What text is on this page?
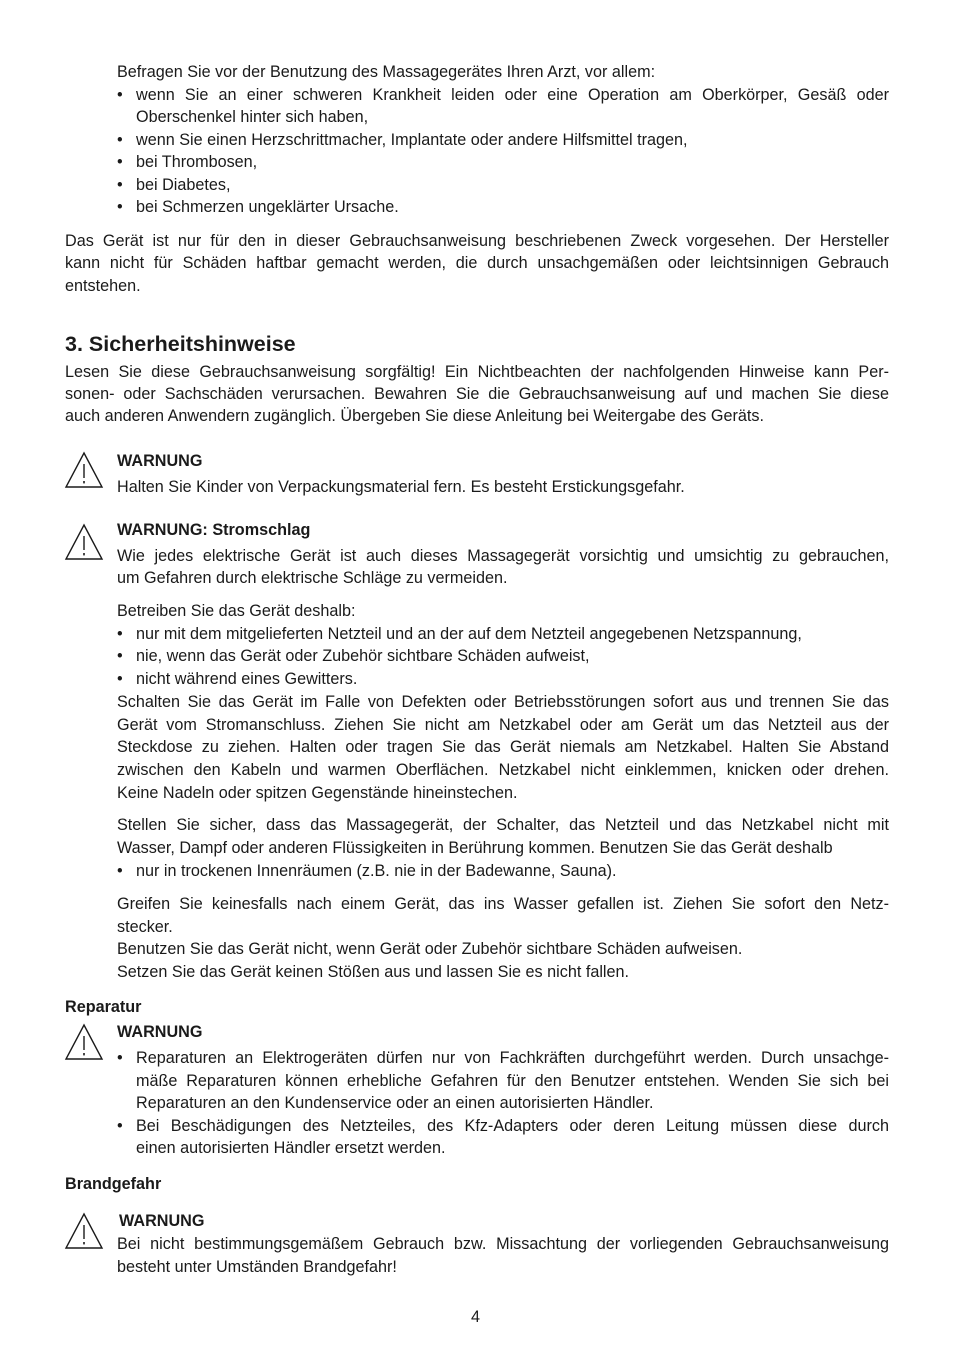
Befragen Sie vor der Benutzung des Massagegerätes Ihren Arzt, vor allem:
• wenn Sie an einer schweren Krankheit leiden oder eine Operation am Oberkörper, Gesäß oder
Oberschenkel hinter sich haben,
• wenn Sie einen Herzschrittmacher, Implantate oder andere Hilfsmittel tragen,
• bei Thrombosen,
• bei Diabetes,
• bei Schmerzen ungeklärter Ursache.
Das Gerät ist nur für den in dieser Gebrauchsanweisung beschriebenen Zweck vorgesehen. Der Hersteller
kann nicht für Schäden haftbar gemacht werden, die durch unsachgemäßen oder leichtsinnigen Gebrauch
entstehen.
3. Sicherheitshinweise
Lesen Sie diese Gebrauchsanweisung sorgfältig! Ein Nichtbeachten der nachfolgenden Hinweise kann Per-
sonen- oder Sachschäden verursachen. Bewahren Sie die Gebrauchsanweisung auf und machen Sie diese
auch anderen Anwendern zugänglich. Übergeben Sie diese Anleitung bei Weitergabe des Geräts.
WARNUNG
Halten Sie Kinder von Verpackungsmaterial fern. Es besteht Erstickungsgefahr.
WARNUNG: Stromschlag
Wie jedes elektrische Gerät ist auch dieses Massagegerät vorsichtig und umsichtig zu gebrauchen,
um Gefahren durch elektrische Schläge zu vermeiden.
Betreiben Sie das Gerät deshalb:
• nur mit dem mitgelieferten Netzteil und an der auf dem Netzteil angegebenen Netzspannung,
• nie, wenn das Gerät oder Zubehör sichtbare Schäden aufweist,
• nicht während eines Gewitters.
Schalten Sie das Gerät im Falle von Defekten oder Betriebsstörungen sofort aus und trennen Sie das
Gerät vom Stromanschluss. Ziehen Sie nicht am Netzkabel oder am Gerät um das Netzteil aus der
Steckdose zu ziehen. Halten oder tragen Sie das Gerät niemals am Netzkabel. Halten Sie Abstand
zwischen den Kabeln und warmen Oberflächen. Netzkabel nicht einklemmen, knicken oder drehen.
Keine Nadeln oder spitzen Gegenstände hineinstechen.
Stellen Sie sicher, dass das Massagegerät, der Schalter, das Netzteil und das Netzkabel nicht mit
Wasser, Dampf oder anderen Flüssigkeiten in Berührung kommen. Benutzen Sie das Gerät deshalb
• nur in trockenen Innenräumen (z.B. nie in der Badewanne, Sauna).
Greifen Sie keinesfalls nach einem Gerät, das ins Wasser gefallen ist. Ziehen Sie sofort den Netz-
stecker.
Benutzen Sie das Gerät nicht, wenn Gerät oder Zubehör sichtbare Schäden aufweisen.
Setzen Sie das Gerät keinen Stößen aus und lassen Sie es nicht fallen.
Reparatur
WARNUNG
• Reparaturen an Elektrogeräten dürfen nur von Fachkräften durchgeführt werden. Durch unsachge-
mäße Reparaturen können erhebliche Gefahren für den Benutzer entstehen. Wenden Sie sich bei
Reparaturen an den Kundenservice oder an einen autorisierten Händler.
• Bei Beschädigungen des Netzteiles, des Kfz-Adapters oder deren Leitung müssen diese durch
einen autorisierten Händler ersetzt werden.
Brandgefahr
WARNUNG
Bei nicht bestimmungsgemäßem Gebrauch bzw. Missachtung der vorliegenden Gebrauchsanweisung
besteht unter Umständen Brandgefahr!
4
